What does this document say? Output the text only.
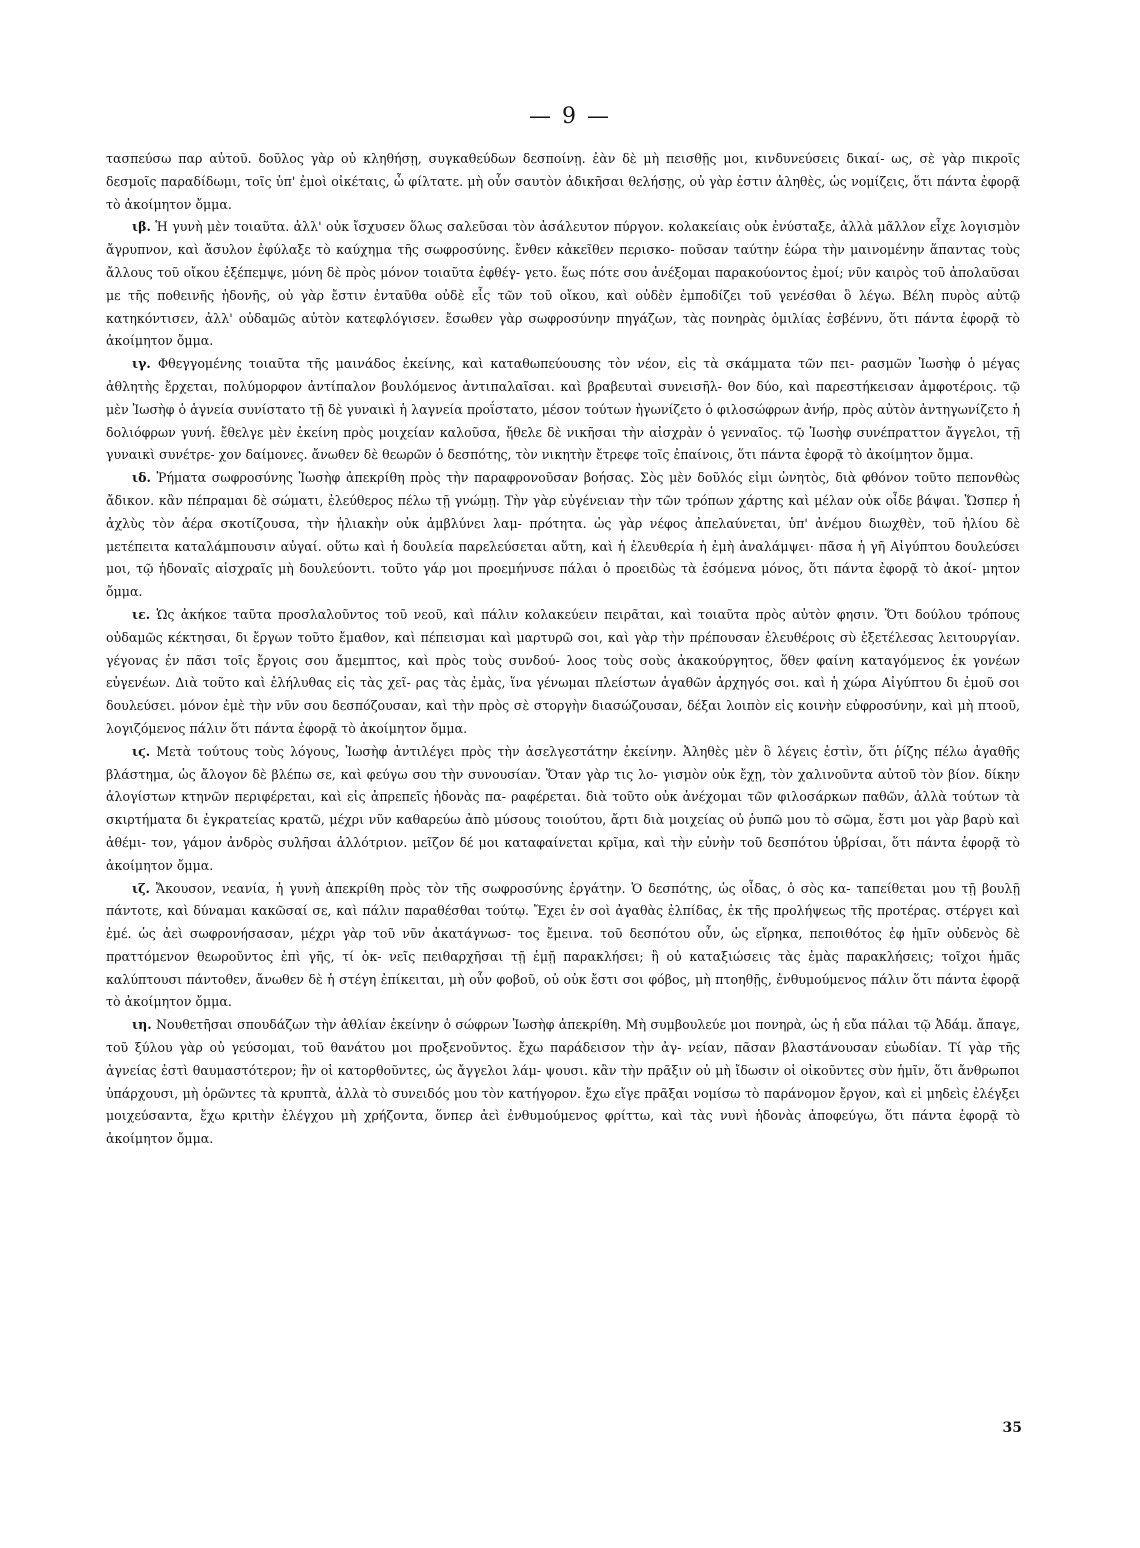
— 9 —

τασπεύσω παρ αὐτοῦ. δοῦλος γὰρ οὐ κληθήσῃ, συγκαθεύδων δεσποίνῃ. ἐὰν δὲ μὴ πεισθῇς μοι, κινδυνεύσεις δικαί- ως, σὲ γὰρ πικροῖς δεσμοῖς παραδίδωμι, τοῖς ὑπ' ἐμοὶ οἰκέταις, ὦ φίλτατε. μὴ οὖν σαυτὸν ἀδικῆσαι θελήσῃς, οὐ γὰρ ἐστιν ἀληθὲς, ὡς νομίζεις, ὅτι πάντα ἐφορᾷ τὸ ἀκοίμητον ὄμμα.

ιβ. Ἡ γυνὴ μὲν τοιαῦτα. ἀλλ' οὐκ ἴσχυσεν ὅλως σαλεῦσαι τὸν ἀσάλευτον πύργον. κολακείαις οὐκ ἐνύσταξε, ἀλλὰ μᾶλλον εἶχε λογισμὸν ἄγρυπνον, καὶ ἄσυλον ἐφύλαξε τὸ καύχημα τῆς σωφροσύνης. ἔνθεν κἀκεῖθεν περισκο- ποῦσαν ταύτην ἑώρα τὴν μαινομένην ἅπαντας τοὺς ἄλλους τοῦ οἴκου ἐξέπεμψε, μόνη δὲ πρὸς μόνον τοιαῦτα ἐφθέγ- γετο. ἕως πότε σου ἀνέξομαι παρακούοντος ἐμοί; νῦν καιρὸς τοῦ ἀπολαῦσαι με τῆς ποθεινῆς ἡδονῆς, οὐ γὰρ ἔστιν ἐνταῦθα οὐδὲ εἷς τῶν τοῦ οἴκου, καὶ οὐδὲν ἐμποδίζει τοῦ γενέσθαι ὃ λέγω. Βέλη πυρὸς αὐτῷ κατηκόντισεν, ἀλλ' οὐδαμῶς αὐτὸν κατεφλόγισεν. ἔσωθεν γὰρ σωφροσύνην πηγάζων, τὰς πονηρὰς ὁμιλίας ἐσβέννυ, ὅτι πάντα ἐφορᾷ τὸ ἀκοίμητον ὄμμα.

ιγ. Φθεγγομένης τοιαῦτα τῆς μαινάδος ἐκείνης, καὶ καταθωπεύουσης τὸν νέον, εἰς τὰ σκάμματα τῶν πει- ρασμῶν Ἰωσὴφ ὁ μέγας ἀθλητὴς ἔρχεται, πολύμορφον ἀντίπαλον βουλόμενος ἀντιπαλαῖσαι. καὶ βραβευταὶ συνεισῆλ- θον δύο, καὶ παρεστήκεισαν ἀμφοτέροις. τῷ μὲν Ἰωσὴφ ὁ ἁγνεία συνίστατο τῇ δὲ γυναικὶ ἡ λαγνεία προΐστατο, μέσον τούτων ἠγωνίζετο ὁ φιλοσώφρων ἀνήρ, πρὸς αὐτὸν ἀντηγωνίζετο ἡ δολιόφρων γυνή. ἔθελγε μὲν ἐκείνη πρὸς μοιχείαν καλοῦσα, ἤθελε δὲ νικῆσαι τὴν αἰσχρὰν ὁ γενναῖος. τῷ Ἰωσὴφ συνέπραττον ἄγγελοι, τῇ γυναικὶ συνέτρε- χον δαίμονες. ἄνωθεν δὲ θεωρῶν ὁ δεσπότης, τὸν νικητὴν ἔτρεφε τοῖς ἐπαίνοις, ὅτι πάντα ἐφορᾷ τὸ ἀκοίμητον ὄμμα.

ιδ. Ῥήματα σωφροσύνης Ἰωσὴφ ἀπεκρίθη πρὸς τὴν παραφρονοῦσαν βοήσας. Σὸς μὲν δοῦλός εἰμι ὠνητὸς, διὰ φθόνον τοῦτο πεπονθὼς ἄδικον. κἂν πέπραμαι δὲ σώματι, ἐλεύθερος πέλω τῇ γνώμῃ. Τὴν γὰρ εὐγένειαν τὴν τῶν τρόπων χάρτης καὶ μέλαν οὐκ οἶδε βάψαι. Ὥσπερ ἡ ἀχλὺς τὸν ἀέρα σκοτίζουσα, τὴν ἡλιακὴν οὐκ ἀμβλύνει λαμ- πρότητα. ὡς γὰρ νέφος ἀπελαύνεται, ὑπ' ἀνέμου διωχθὲν, τοῦ ἡλίου δὲ μετέπειτα καταλάμπουσιν αὐγαί. οὕτω καὶ ἡ δουλεία παρελεύσεται αὕτη, καὶ ἡ ἐλευθερία ἡ ἐμὴ ἀναλάμψει· πᾶσα ἡ γῆ Αἰγύπτου δουλεύσει μοι, τῷ ἡδοναῖς αἰσχραῖς μὴ δουλεύοντι. τοῦτο γάρ μοι προεμήνυσε πάλαι ὁ προειδὼς τὰ ἐσόμενα μόνος, ὅτι πάντα ἐφορᾷ τὸ ἀκοί- μητον ὄμμα.

ιε. Ὡς ἀκήκοε ταῦτα προσλαλοῦντος τοῦ νεοῦ, καὶ πάλιν κολακεύειν πειρᾶται, καὶ τοιαῦτα πρὸς αὐτὸν φησιν. Ὅτι δούλου τρόπους οὐδαμῶς κέκτησαι, δι ἔργων τοῦτο ἔμαθον, καὶ πέπεισμαι καὶ μαρτυρῶ σοι, καὶ γὰρ τὴν πρέπουσαν ἐλευθέροις σὺ ἐξετέλεσας λειτουργίαν. γέγονας ἐν πᾶσι τοῖς ἔργοις σου ἄμεμπτος, καὶ πρὸς τοὺς συνδού- λοος τοὺς σοὺς ἀκακούργητος, ὅθεν φαίνη καταγόμενος ἐκ γονέων εὐγενέων. Διὰ τοῦτο καὶ ἐλήλυθας εἰς τὰς χεῖ- ρας τὰς ἐμὰς, ἵνα γένωμαι πλείστων ἀγαθῶν ἀρχηγός σοι. καὶ ἡ χώρα Αἰγύπτου δι ἐμοῦ σοι δουλεύσει. μόνον ἐμὲ τὴν νῦν σου δεσπόζουσαν, καὶ τὴν πρὸς σὲ στοργὴν διασώζουσαν, δέξαι λοιπὸν εἰς κοινὴν εὐφροσύνην, καὶ μὴ πτοοῦ, λογιζόμενος πάλιν ὅτι πάντα ἐφορᾷ τὸ ἀκοίμητον ὄμμα.

ιϛ. Μετὰ τούτους τοὺς λόγους, Ἰωσὴφ ἀντιλέγει πρὸς τὴν ἀσελγεστάτην ἐκείνην. Ἀληθὲς μὲν ὃ λέγεις ἐστὶν, ὅτι ῥίζης πέλω ἀγαθῆς βλάστημα, ὡς ἄλογον δὲ βλέπω σε, καὶ φεύγω σου τὴν συνουσίαν. Ὅταν γὰρ τις λο- γισμὸν οὐκ ἔχῃ, τὸν χαλινοῦντα αὐτοῦ τὸν βίον. δίκην ἀλογίστων κτηνῶν περιφέρεται, καὶ εἰς ἀπρεπεῖς ἡδονὰς πα- ραφέρεται. διὰ τοῦτο οὐκ ἀνέχομαι τῶν φιλοσάρκων παθῶν, ἀλλὰ τούτων τὰ σκιρτήματα δι ἐγκρατείας κρατῶ, μέχρι νῦν καθαρεύω ἀπὸ μύσους τοιούτου, ἄρτι διὰ μοιχείας οὐ ῥυπῶ μου τὸ σῶμα, ἔστι μοι γὰρ βαρὺ καὶ ἀθέμι- τον, γάμον ἀνδρὸς συλῆσαι ἀλλότριον. μεῖζον δέ μοι καταφαίνεται κρῖμα, καὶ τὴν εὐνὴν τοῦ δεσπότου ὑβρίσαι, ὅτι πάντα ἐφορᾷ τὸ ἀκοίμητον ὄμμα.

ιζ. Ἄκουσον, νεανία, ἡ γυνὴ ἀπεκρίθη πρὸς τὸν τῆς σωφροσύνης ἐργάτην. Ὁ δεσπότης, ὡς οἶδας, ὁ σὸς κα- ταπείθεται μου τῇ βουλῇ πάντοτε, καὶ δύναμαι κακῶσαί σε, καὶ πάλιν παραθέσθαι τούτῳ. Ἔχει ἐν σοὶ ἀγαθὰς ἐλπίδας, ἐκ τῆς προλήψεως τῆς προτέρας. στέργει καὶ ἐμέ. ὡς ἀεὶ σωφρονήσασαν, μέχρι γὰρ τοῦ νῦν ἀκατάγνωσ- τος ἔμεινα. τοῦ δεσπότου οὖν, ὡς εἴρηκα, πεποιθότος ἐφ ἡμῖν οὐδενὸς δὲ πραττόμενον θεωροῦντος ἐπὶ γῆς, τί ὀκ- νεῖς πειθαρχῆσαι τῇ ἐμῇ παρακλήσει; ἢ οὐ καταξιώσεις τὰς ἐμὰς παρακλήσεις; τοῖχοι ἡμᾶς καλύπτουσι πάντοθεν, ἄνωθεν δὲ ἡ στέγη ἐπίκειται, μὴ οὖν φοβοῦ, οὐ οὐκ ἔστι σοι φόβος, μὴ πτοηθῇς, ἐνθυμούμενος πάλιν ὅτι πάντα ἐφορᾷ τὸ ἀκοίμητον ὄμμα.

ιη. Νουθετῆσαι σπουδάζων τὴν ἀθλίαν ἐκείνην ὁ σώφρων Ἰωσὴφ ἀπεκρίθη. Μὴ συμβουλεύε μοι πονηρὰ, ὡς ἡ εὔα πάλαι τῷ Ἀδάμ. ἄπαγε, τοῦ ξύλου γὰρ οὐ γεύσομαι, τοῦ θανάτου μοι προξενοῦντος. ἔχω παράδεισον τὴν ἀγ- νείαν, πᾶσαν βλαστάνουσαν εὐωδίαν. Τί γὰρ τῆς ἁγνείας ἐστὶ θαυμαστότερον; ἣν οἱ κατορθοῦντες, ὡς ἄγγελοι λάμ- ψουσι. κἂν τὴν πρᾶξιν οὐ μὴ ἴδωσιν οἱ οἰκοῦντες σὺν ἡμῖν, ὅτι ἄνθρωποι ὑπάρχουσι, μὴ ὁρῶντες τὰ κρυπτὰ, ἀλλὰ τὸ συνειδός μου τὸν κατήγορον. ἔχω εἴγε πρᾶξαι νομίσω τὸ παράνομον ἔργον, καὶ εἰ μηδεὶς ἐλέγξει μοιχεύσαντα, ἔχω κριτὴν ἐλέγχου μὴ χρήζοντα, ὅνπερ ἀεὶ ἐνθυμούμενος φρίττω, καὶ τὰς νυνὶ ἡδονὰς ἀποφεύγω, ὅτι πάντα ἐφορᾷ τὸ ἀκοίμητον ὄμμα.

35
